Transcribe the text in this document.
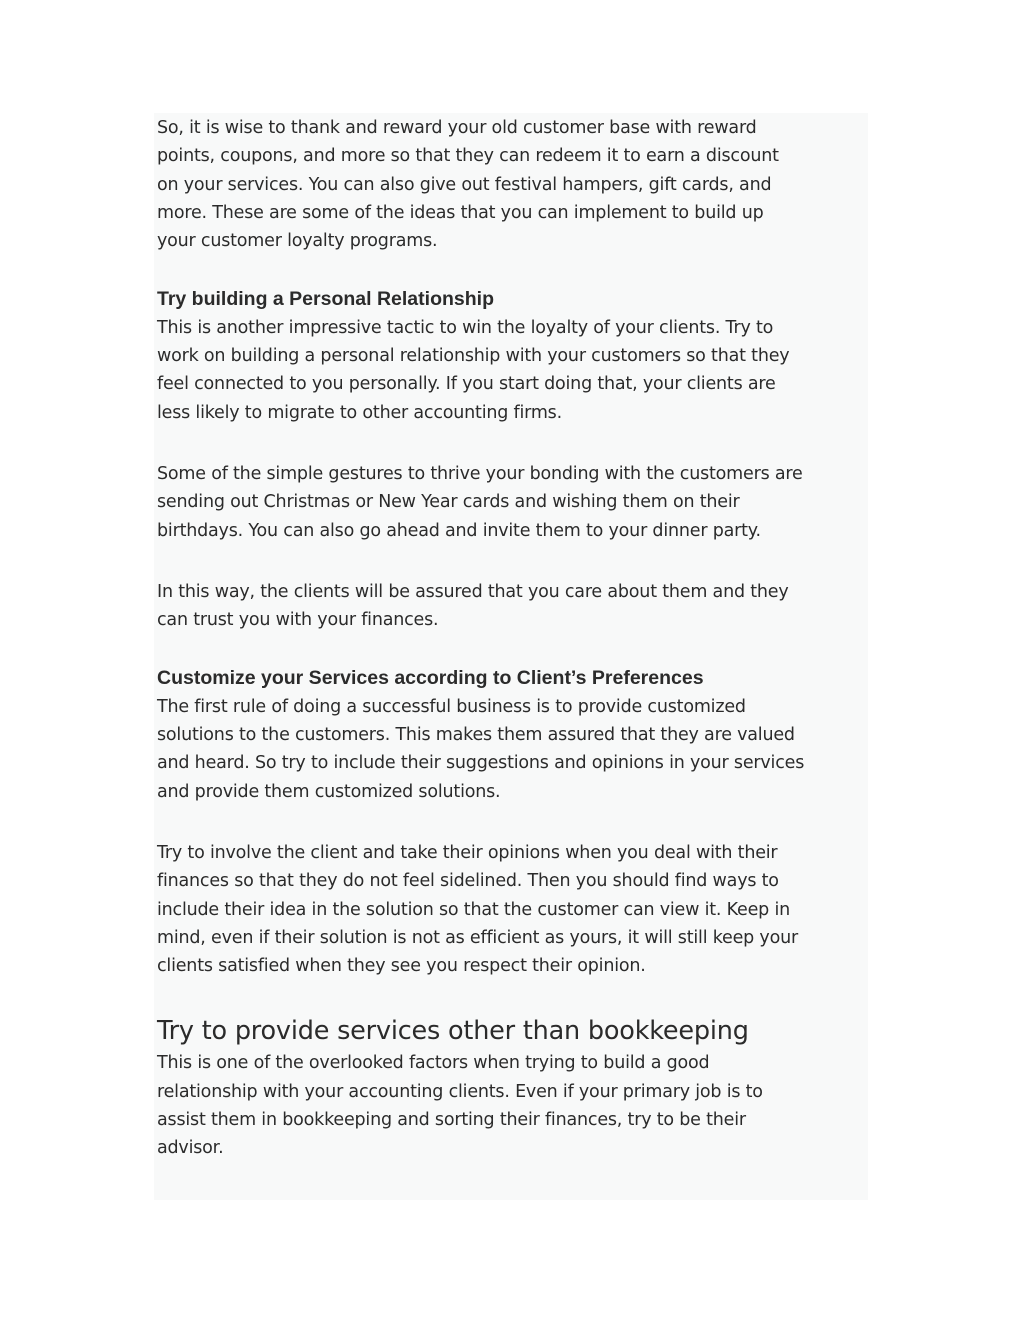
So, it is wise to thank and reward your old customer base with reward
points, coupons, and more so that they can redeem it to earn a discount
on your services. You can also give out festival hampers, gift cards, and
more. These are some of the ideas that you can implement to build up
your customer loyalty programs.

Try building a Personal Relationship

This is another impressive tactic to win the loyalty of your clients. Try to
work on building a personal relationship with your customers so that they
feel connected to you personally. If you start doing that, your clients are
less likely to migrate to other accounting firms.

Some of the simple gestures to thrive your bonding with the customers are
sending out Christmas or New Year cards and wishing them on their
birthdays. You can also go ahead and invite them to your dinner party.

In this way, the clients will be assured that you care about them and they
can trust you with your finances.

Customize your Services according to Client’s Preferences

The first rule of doing a successful business is to provide customized
solutions to the customers. This makes them assured that they are valued
and heard. So try to include their suggestions and opinions in your services
and provide them customized solutions.

Try to involve the client and take their opinions when you deal with their
finances so that they do not feel sidelined. Then you should find ways to
include their idea in the solution so that the customer can view it. Keep in
mind, even if their solution is not as efficient as yours, it will still keep your
clients satisfied when they see you respect their opinion.

Try to provide services other than bookkeeping

This is one of the overlooked factors when trying to build a good
relationship with your accounting clients. Even if your primary job is to
assist them in bookkeeping and sorting their finances, try to be their
advisor.
